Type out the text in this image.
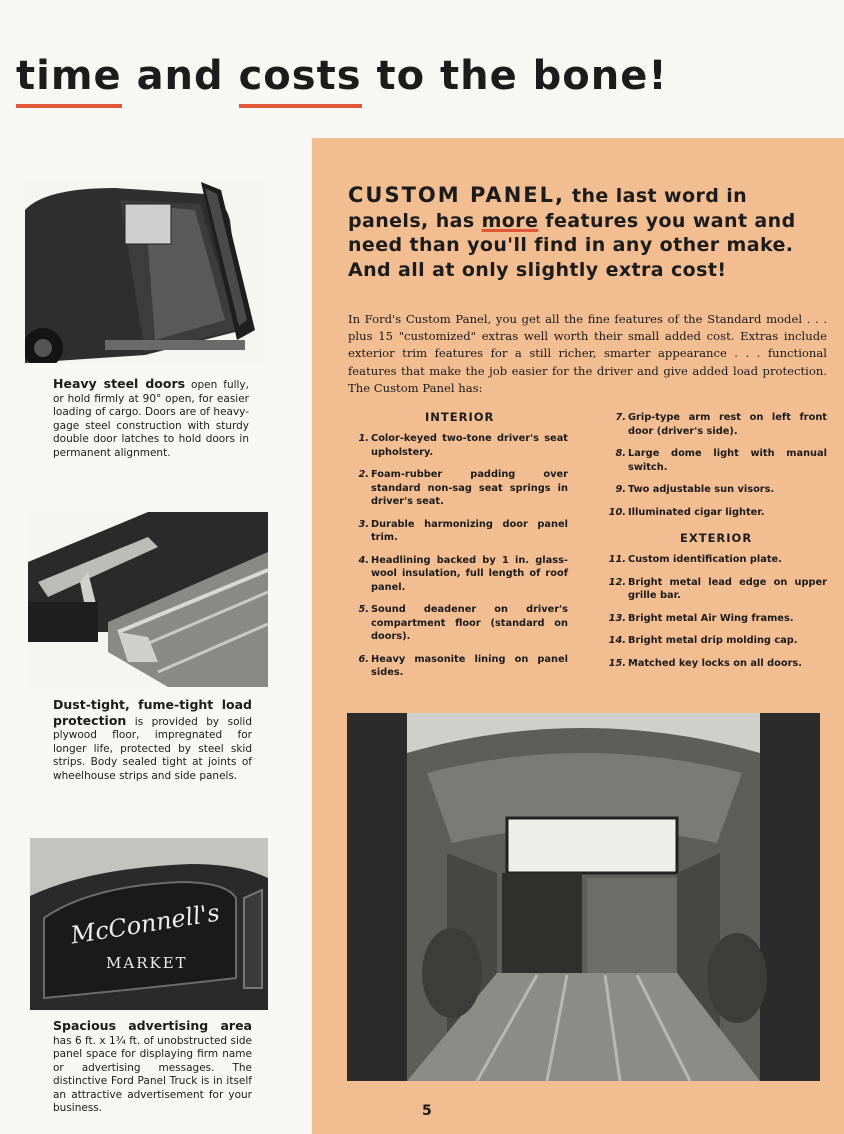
time and costs to the bone!

Heavy steel doors open fully, or hold firmly at 90° open, for easier loading of cargo. Doors are of heavy-gage steel construction with sturdy double door latches to hold doors in permanent alignment.

Dust-tight, fume-tight load protection is provided by solid plywood floor, impregnated for longer life, protected by steel skid strips. Body sealed tight at joints of wheelhouse strips and side panels.

McConnell's
MARKET

Spacious advertising area has 6 ft. x 1¾ ft. of unobstructed side panel space for displaying firm name or advertising messages. The distinctive Ford Panel Truck is in itself an attractive advertisement for your business.

CUSTOM PANEL, the last word in panels, has more features you want and need than you'll find in any other make. And all at only slightly extra cost!

In Ford's Custom Panel, you get all the fine features of the Standard model . . . plus 15 "customized" extras well worth their small added cost. Extras include exterior trim features for a still richer, smarter appearance . . . functional features that make the job easier for the driver and give added load protection. The Custom Panel has:

INTERIOR

1. Color-keyed two-tone driver's seat upholstery.
2. Foam-rubber padding over standard non-sag seat springs in driver's seat.
3. Durable harmonizing door panel trim.
4. Headlining backed by 1 in. glass-wool insulation, full length of roof panel.
5. Sound deadener on driver's compartment floor (standard on doors).
6. Heavy masonite lining on panel sides.
7. Grip-type arm rest on left front door (driver's side).
8. Large dome light with manual switch.
9. Two adjustable sun visors.
10. Illuminated cigar lighter.

EXTERIOR

11. Custom identification plate.
12. Bright metal lead edge on upper grille bar.
13. Bright metal Air Wing frames.
14. Bright metal drip molding cap.
15. Matched key locks on all doors.

5
